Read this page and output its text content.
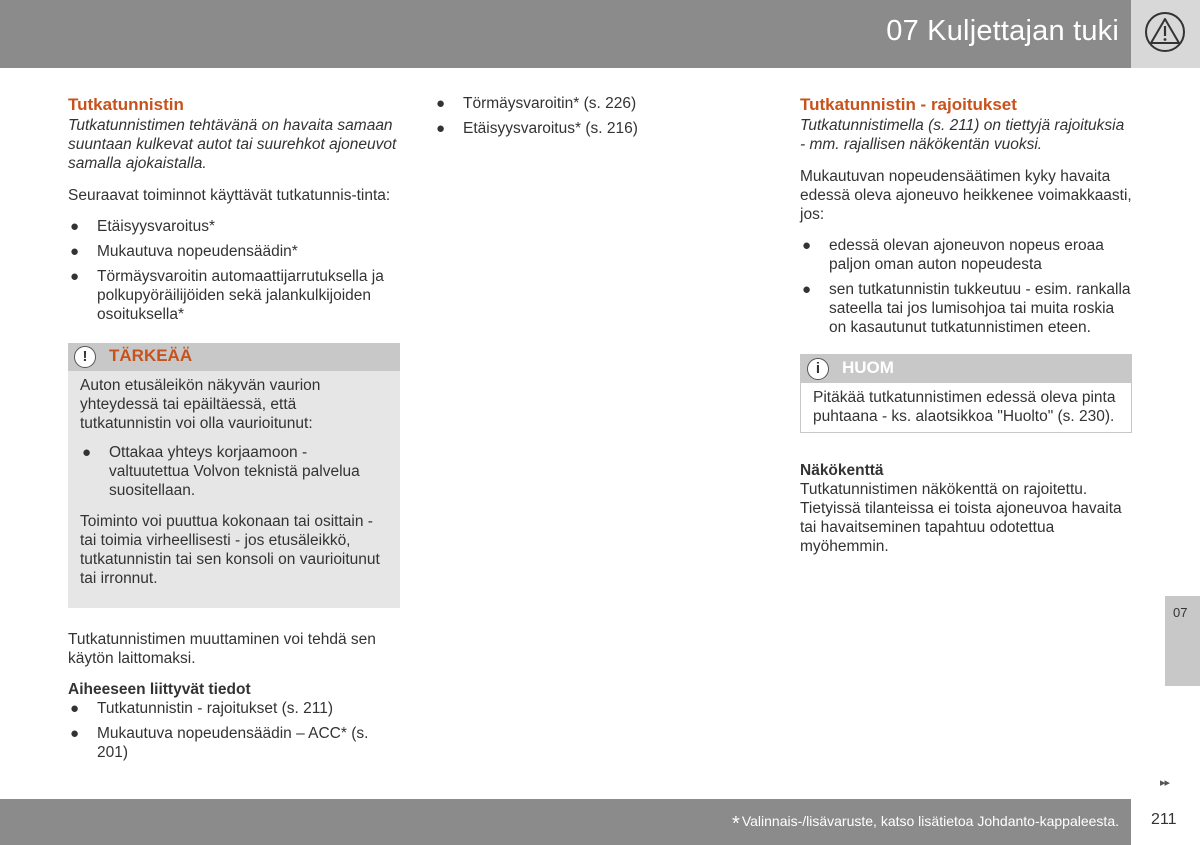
07 Kuljettajan tuki
Tutkatunnistin

Tutkatunnistimen tehtävänä on havaita samaan suuntaan kulkevat autot tai suurehkot ajoneuvot samalla ajokaistalla.

Seuraavat toiminnot käyttävät tutkatunnis-tinta:

● Etäisyysvaroitus*
● Mukautuva nopeudensäädin*
● Törmäysvaroitin automaattijarrutuksella ja polkupyöräilijöiden sekä jalankulkijoiden osoituksella*
!	TÄRKEÄÄ

Auton etusäleikön näkyvän vaurion yhteydessä tai epäiltäessä, että tutkatunnistin voi olla vaurioitunut:

● Ottakaa yhteys korjaamoon - valtuutettua Volvon teknistä palvelua suositellaan.

Toiminto voi puuttua kokonaan tai osittain - tai toimia virheellisesti - jos etusäleikkö, tutkatunnistin tai sen konsoli on vaurioitunut tai irronnut.

Tutkatunnistimen muuttaminen voi tehdä sen käytön laittomaksi.

Aiheeseen liittyvät tiedot
● Tutkatunnistin - rajoitukset (s. 211)
● Mukautuva nopeudensäädin – ACC* (s. 201)
● Törmäysvaroitin* (s. 226)
● Etäisyysvaroitus* (s. 216)
Tutkatunnistin - rajoitukset

Tutkatunnistimella (s. 211) on tiettyjä rajoituksia - mm. rajallisen näkökentän vuoksi.

Mukautuvan nopeudensäätimen kyky havaita edessä oleva ajoneuvo heikkenee voimakkaasti, jos:

● edessä olevan ajoneuvon nopeus eroaa paljon oman auton nopeudesta
● sen tutkatunnistin tukkeutuu - esim. rankalla sateella tai jos lumisohjoa tai muita roskia on kasautunut tutkatunnistimen eteen.
i	HUOM

Pitäkää tutkatunnistimen edessä oleva pinta puhtaana - ks. alaotsikkoa "Huolto" (s. 230).

Näkökenttä

Tutkatunnistimen näkökenttä on rajoitettu. Tietyissä tilanteissa ei toista ajoneuvoa havaita tai havaitseminen tapahtuu odotettua myöhemmin.

07
▸▸
* Valinnais-/lisävaruste, katso lisätietoa Johdanto-kappaleesta. 211
